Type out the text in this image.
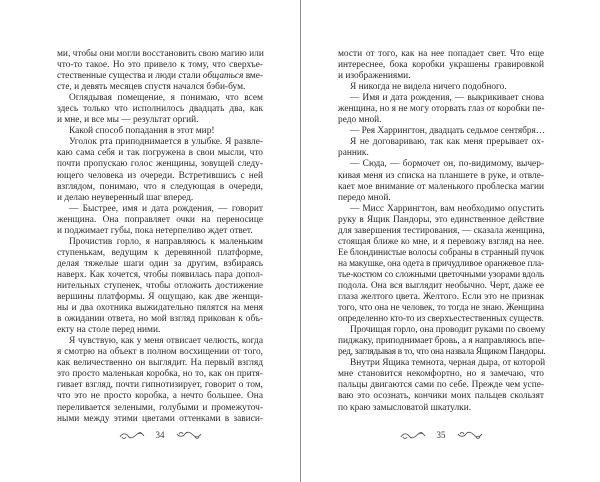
ми, чтобы они могли восстановить свою магию или
что-то такое. Но это привело к тому, что сверхъе-
стественные существа и люди стали общаться вме-
сте, и девять месяцев спустя начался бэби-бум.
Оглядывая помещение, я понимаю, что всем
здесь только что исполнилось двадцать два, как
и мне, и все мы — результат оргий.
Какой способ попадания в этот мир!
Уголок рта приподнимается в улыбке. Я развле-
каю сама себя и так погружена в свои мысли, что
почти пропускаю голос женщины, зовущей следу-
ющего человека из очереди. Встретившись с ней
взглядом, понимаю, что я следующая в очереди,
и делаю неуверенный шаг вперед.
— Быстрее, имя и дата рождения, — говорит
женщина. Она поправляет очки на переносице
и поджимает губы, пока нетерпеливо ждет ответ.
Прочистив горло, я направляюсь к маленьким
ступенькам, ведущим к деревянной платформе,
делая тяжелые шаги один за другим, взбираясь
наверх. Как хочется, чтобы появилась пара допол-
нительных ступенек, чтобы отложить достижение
вершины платформы. Я ощущаю, как две женщи-
ны и два охотника выжидательно пялятся на меня
в ожидании ответа, но мой взгляд прикован к объ-
екту на столе перед ними.
Я чувствую, как у меня отвисает челюсть, когда
я смотрю на объект в полном восхищении от того,
как величественно он выглядит. На первый взгляд
это просто маленькая коробка, но то, как он притя-
гивает взгляд, почти гипнотизирует, говорит о том,
что это не просто коробка, а нечто большее. Она
переливается зелеными, голубыми и промежуточ-
ными между этими цветами оттенками в зависи-
34
мости от того, как на нее попадает свет. Что еще
интереснее, бока коробки украшены гравировкой
и изображениями.
Я никогда не видела ничего подобного.
— Имя и дата рождения, — выкрикивает снова
женщина, но я не могу оторвать глаз от коробки пе-
редо мной.
— Рея Харрингтон, двадцать седьмое сентября…
Я не договариваю, так как меня прерывает ох-
ранник.
— Сюда, — бормочет он, по-видимому, вычер-
кивая меня из списка на планшете в руке, и отвле-
кает мое внимание от маленького проблеска магии
передо мной.
— Мисс Харрингтон, вам необходимо опустить
руку в Ящик Пандоры, это единственное действие
для завершения тестирования, — сказала женщина,
стоящая ближе ко мне, и я перевожу взгляд на нее.
Ее блондинистые волосы собраны в странный пучок
на макушке, она одета в причудливое оранжевое пла-
тье-костюм со сложными цветочными узорами вдоль
подола. Она вся выглядит необычно. Черт, даже ее
глаза желтого цвета. Желтого. Если это не признак
того, что она не человек, то тогда не знаю. Женщина
определенно кто-то из сверхъестественных существ.
Прочищая горло, она проводит руками по своему
пиджаку, приподнимает бровь, а я направляюсь впе-
ред, заглядывая в то, что она назвала Ящиком Пандоры.
Внутри Ящика темнота, черная дыра, от которой
мне становится некомфортно, но я замечаю, что
пальцы двигаются сами по себе. Прежде чем успе-
ваю это осознать, кончики моих пальцев скользят
по краю замысловатой шкатулки.
35
